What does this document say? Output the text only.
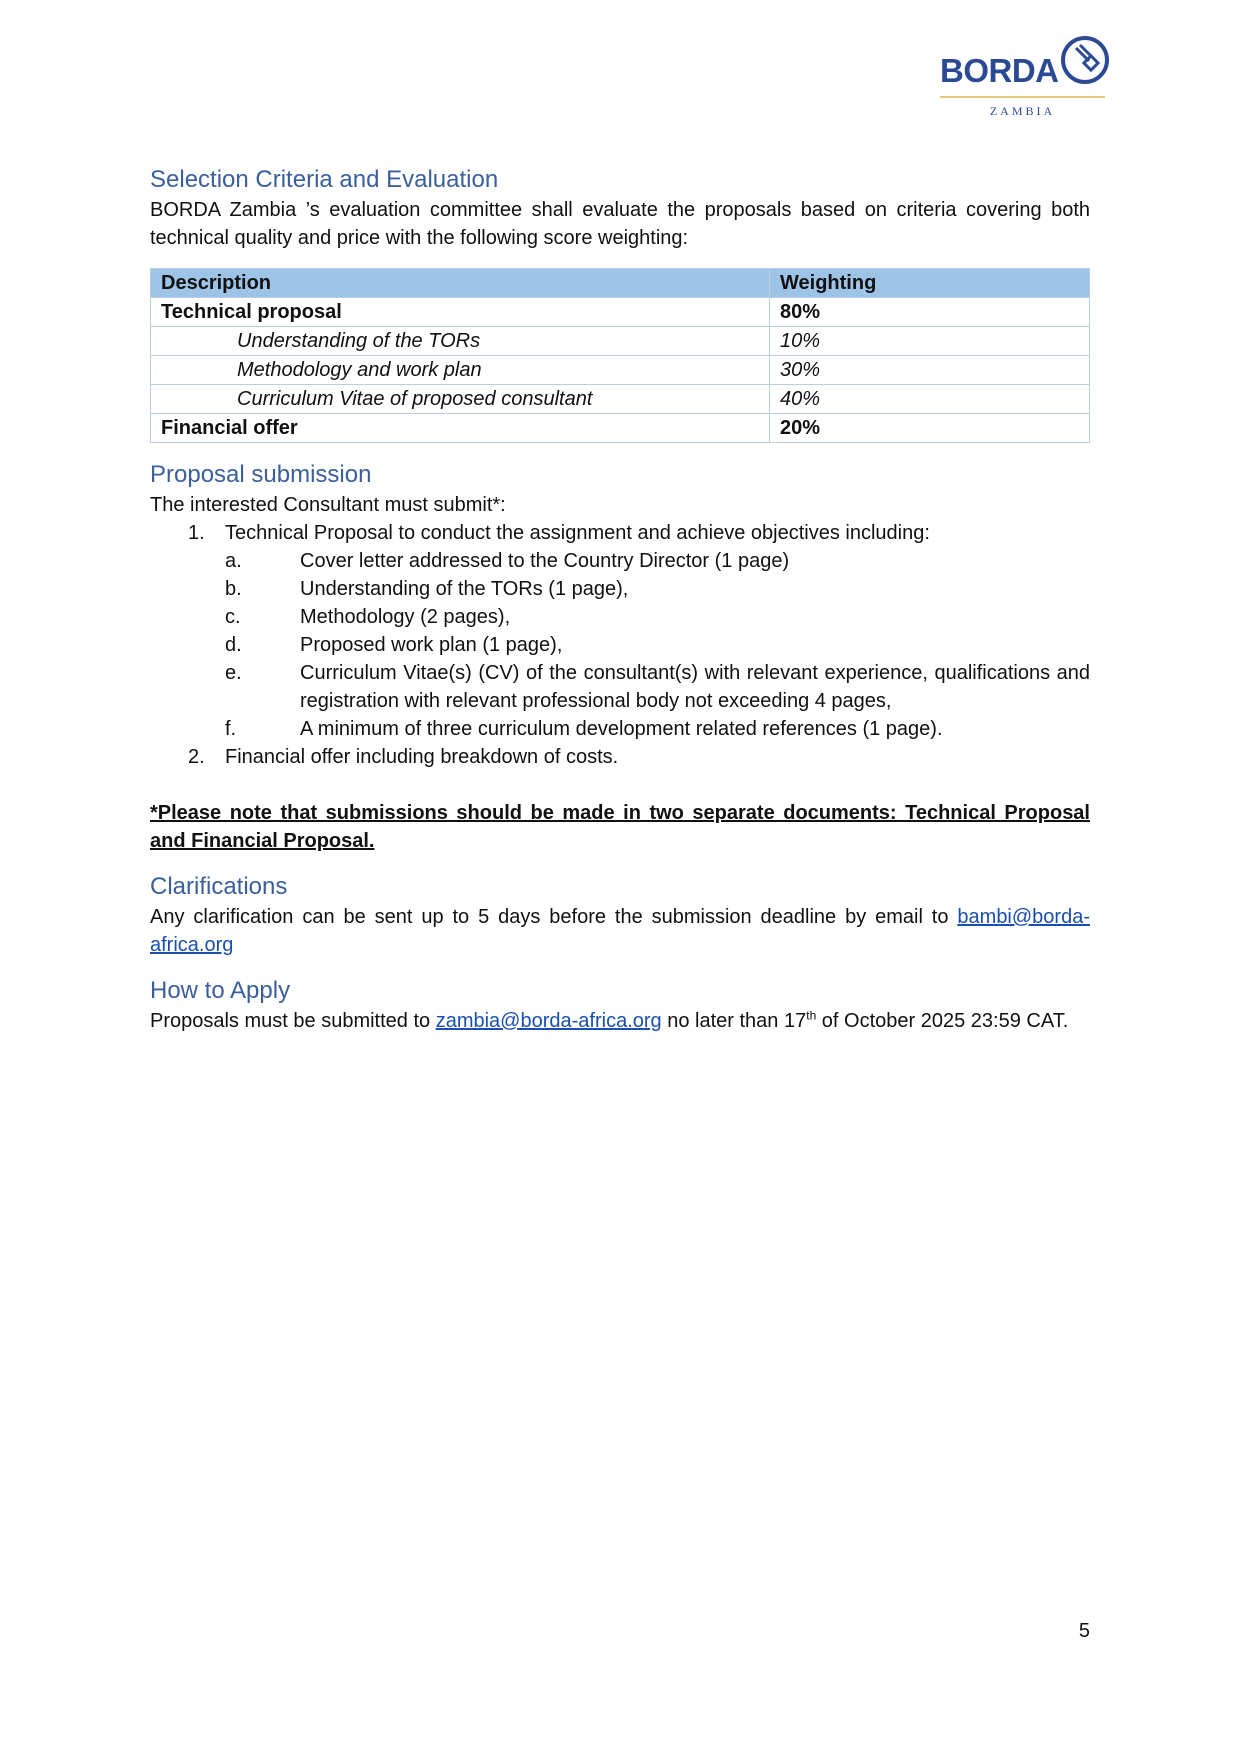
BORDA
ZAMBIA
Selection Criteria and Evaluation

BORDA Zambia ’s evaluation committee shall evaluate the proposals based on criteria covering both technical quality and price with the following score weighting:

Description	Weighting
Technical proposal	80%
Understanding of the TORs	10%
Methodology and work plan	30%
Curriculum Vitae of proposed consultant	40%
Financial offer	20%
Proposal submission

The interested Consultant must submit*:

1. Technical Proposal to conduct the assignment and achieve objectives including:
a.	Cover letter addressed to the Country Director (1 page)
b.	Understanding of the TORs (1 page),
c.	Methodology (2 pages),
d.	Proposed work plan (1 page),
e.	Curriculum Vitae(s) (CV) of the consultant(s) with relevant experience, qualifications and registration with relevant professional body not exceeding 4 pages,
f.	A minimum of three curriculum development related references (1 page).
2. Financial offer including breakdown of costs.

*Please note that submissions should be made in two separate documents: Technical Proposal and Financial Proposal.

Clarifications

Any clarification can be sent up to 5 days before the submission deadline by email to bambi@borda-africa.org

How to Apply

Proposals must be submitted to zambia@borda-africa.org no later than 17th of October 2025 23:59 CAT.

5
